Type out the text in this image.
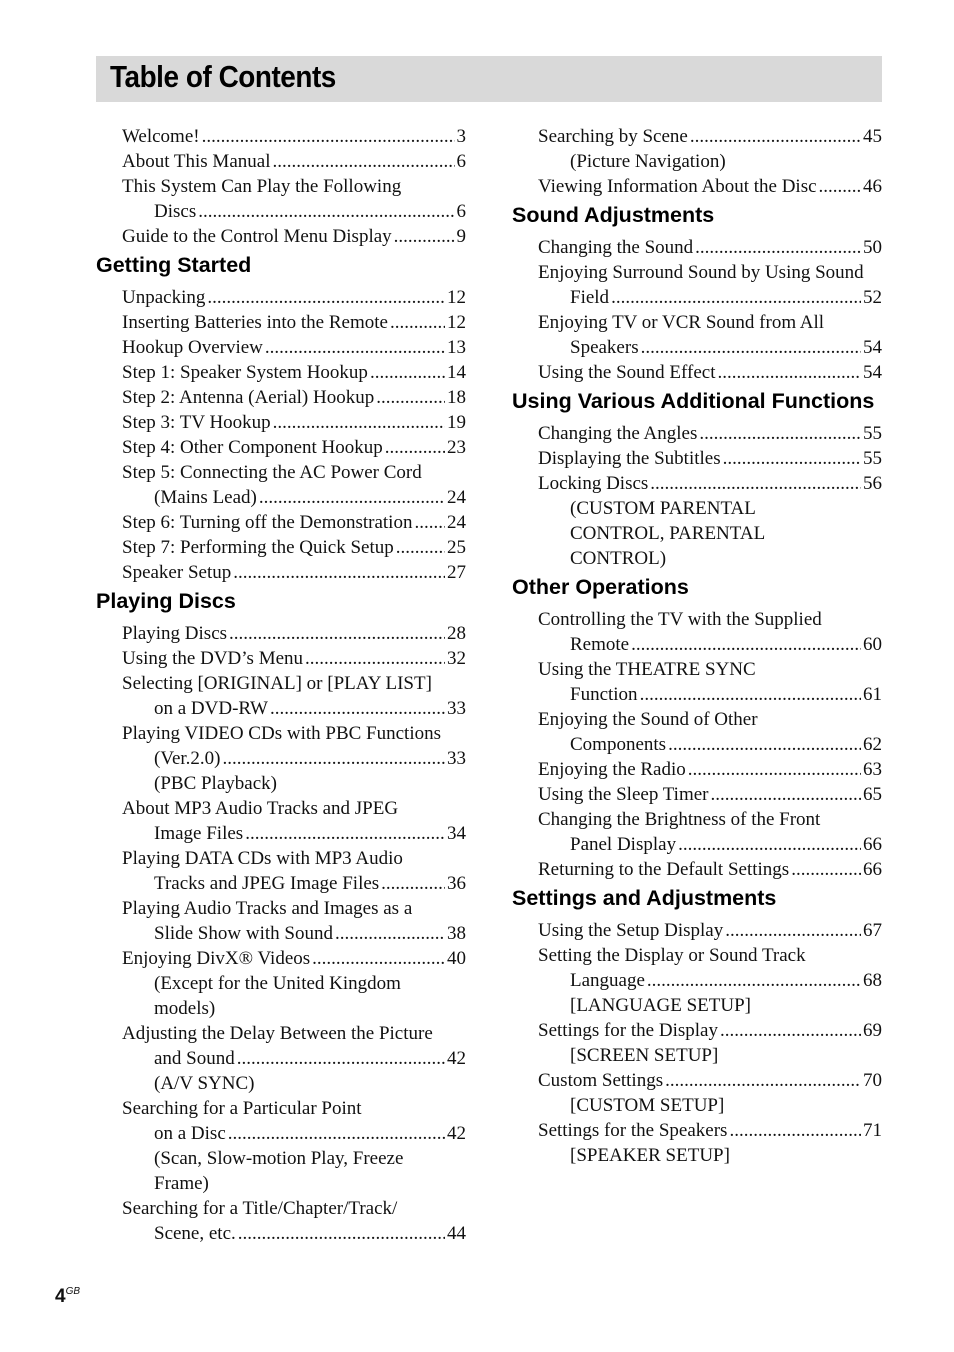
Table of Contents
Welcome! .....	3
About This Manual .....	6
This System Can Play the Following
Discs .....	6
Guide to the Control Menu Display .....	9
Getting Started
Unpacking .....	12
Inserting Batteries into the Remote .....	12
Hookup Overview .....	13
Step 1: Speaker System Hookup .....	14
Step 2: Antenna (Aerial) Hookup .....	18
Step 3: TV Hookup .....	19
Step 4: Other Component Hookup .....	23
Step 5: Connecting the AC Power Cord
(Mains Lead) .....	24
Step 6: Turning off the Demonstration ..... 24
Step 7: Performing the Quick Setup .....	25
Speaker Setup .....	27
Playing Discs
Playing Discs .....	28
Using the DVD’s Menu .....	32
Selecting [ORIGINAL] or [PLAY LIST]
on a DVD-RW .....	33
Playing VIDEO CDs with PBC Functions
(Ver.2.0) .....	33
(PBC Playback)
About MP3 Audio Tracks and JPEG
Image Files .....	34
Playing DATA CDs with MP3 Audio
Tracks and JPEG Image Files .....	36
Playing Audio Tracks and Images as a
Slide Show with Sound .....	38
Enjoying DivX® Videos .....	40
(Except for the United Kingdom
models)
Adjusting the Delay Between the Picture
and Sound .....	42
(A/V SYNC)
Searching for a Particular Point
on a Disc .....	42
(Scan, Slow-motion Play, Freeze
Frame)
Searching for a Title/Chapter/Track/
Scene, etc. .....	44
Searching by Scene .....	45
(Picture Navigation)
Viewing Information About the Disc ..... 46
Sound Adjustments
Changing the Sound .....	50
Enjoying Surround Sound by Using Sound
Field .....	52
Enjoying TV or VCR Sound from All
Speakers .....	54
Using the Sound Effect .....	54
Using Various Additional Functions
Changing the Angles .....	55
Displaying the Subtitles .....	55
Locking Discs .....	56
(CUSTOM PARENTAL
CONTROL, PARENTAL
CONTROL)
Other Operations
Controlling the TV with the Supplied
Remote .....	60
Using the THEATRE SYNC
Function .....	61
Enjoying the Sound of Other
Components .....	62
Enjoying the Radio .....	63
Using the Sleep Timer .....	65
Changing the Brightness of the Front
Panel Display .....	66
Returning to the Default Settings .....	66
Settings and Adjustments
Using the Setup Display .....	67
Setting the Display or Sound Track
Language .....	68
[LANGUAGE SETUP]
Settings for the Display .....	69
[SCREEN SETUP]
Custom Settings .....	70
[CUSTOM SETUP]
Settings for the Speakers .....	71
[SPEAKER SETUP]
$4^{GB}$
